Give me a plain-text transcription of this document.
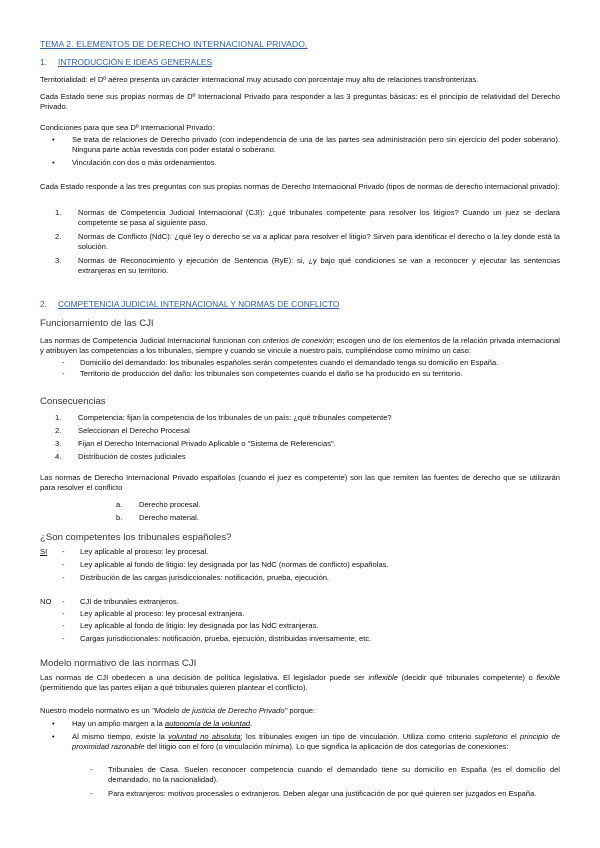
TEMA 2. ELEMENTOS DE DERECHO INTERNACIONAL PRIVADO.
1. INTRODUCCIÓN E IDEAS GENERALES
Territorialidad: el Dº aéreo presenta un carácter internacional muy acusado con porcentaje muy alto de relaciones transfronterizas.
Cada Estado tiene sus propias normas de Dº Internacional Privado para responder a las 3 preguntas básicas: es el principio de relatividad del Derecho Privado.
Condiciones para que sea Dº Internacional Privado:
• Se trata de relaciones de Derecho privado (con independencia de una de las partes sea administración pero sin ejercicio del poder soberano). Ninguna parte actúa revestida con poder estatal o soberano.
• Vinculación con dos o más ordenamientos.
Cada Estado responde a las tres preguntas con sus propias normas de Derecho Internacional Privado (tipos de normas de derecho internacional privado):
1. Normas de Competencia Judicial Internacional (CJI): ¿qué tribunales competente para resolver los litigios? Cuando un juez se declara competente se pasa al siguiente paso.
2. Normas de Conflicto (NdC): ¿qué ley o derecho se va a aplicar para resolver el litigio? Sirven para identificar el derecho o la ley donde está la solución.
3. Normas de Reconocimiento y ejecución de Sentencia (RyE): si, ¿y bajo qué condiciones se van a reconocer y ejecutar las sentencias extranjeras en su territorio.
2. COMPETENCIA JUDICIAL INTERNACIONAL Y NORMAS DE CONFLICTO
Funcionamiento de las CJI
Las normas de Competencia Judicial Internacional funcionan con criterios de conexión; escogen uno de los elementos de la relación privada internacional y atribuyen las competencias a los tribunales, siempre y cuando se vincule a nuestro país, cumpliéndose como mínimo un caso:
- Domicilio del demandado: los tribunales españoles serán competentes cuando el demandado tenga su domicilio en España.
- Territorio de producción del daño: los tribunales son competentes cuando el daño se ha producido en su territorio.
Consecuencias
1. Competencia: fijan la competencia de los tribunales de un país: ¿qué tribunales competente?
2. Seleccionan el Derecho Procesal
3. Fijan el Derecho Internacional Privado Aplicable o "Sistema de Referencias".
4. Distribución de costes judiciales
Las normas de Derecho Internacional Privado españolas (cuando el juez es competente) son las que remiten las fuentes de derecho que se utilizarán para resolver el conflicto
a. Derecho procesal.
b. Derecho material.
¿Son competentes los tribunales españoles?
SI	- Ley aplicable al proceso: ley procesal.
- Ley aplicable al fondo de litigio: ley designada por las NdC (normas de conflicto) españolas.
- Distribución de las cargas jurisdiccionales: notificación, prueba, ejecución.
NO	- CJI de tribunales extranjeros.
- Ley aplicable al proceso: ley procesal extranjera.
- Ley aplicable al fondo de litigio: ley designada por las NdC extranjeras.
- Cargas jurisdiccionales: notificación, prueba, ejecución, distribuidas inversamente, etc.
Modelo normativo de las normas CJI
Las normas de CJI obedecen a una decisión de política legislativa. El legislador puede ser inflexible (decidir qué tribunales competente) o flexible (permitiendo que las partes elijan a qué tribunales quieren plantear el conflicto).
Nuestro modelo normativo es un "Modelo de justicia de Derecho Privado" porque:
• Hay un amplio margen a la autonomía de la voluntad.
• Al mismo tiempo, existe la voluntad no absoluta; los tribunales exigen un tipo de vinculación. Utiliza como criterio supletorio el principio de proximidad razonable del litigio con el foro (o vinculación mínima). Lo que significa la aplicación de dos categorías de conexiones:
- Tribunales de Casa. Suelen reconocer competencia cuando el demandado tiene su domicilio en España (es el domicilio del demandado, no la nacionalidad).
- Para extranjeros: motivos procesales o extranjeros. Deben alegar una justificación de por qué quieren ser juzgados en España.
